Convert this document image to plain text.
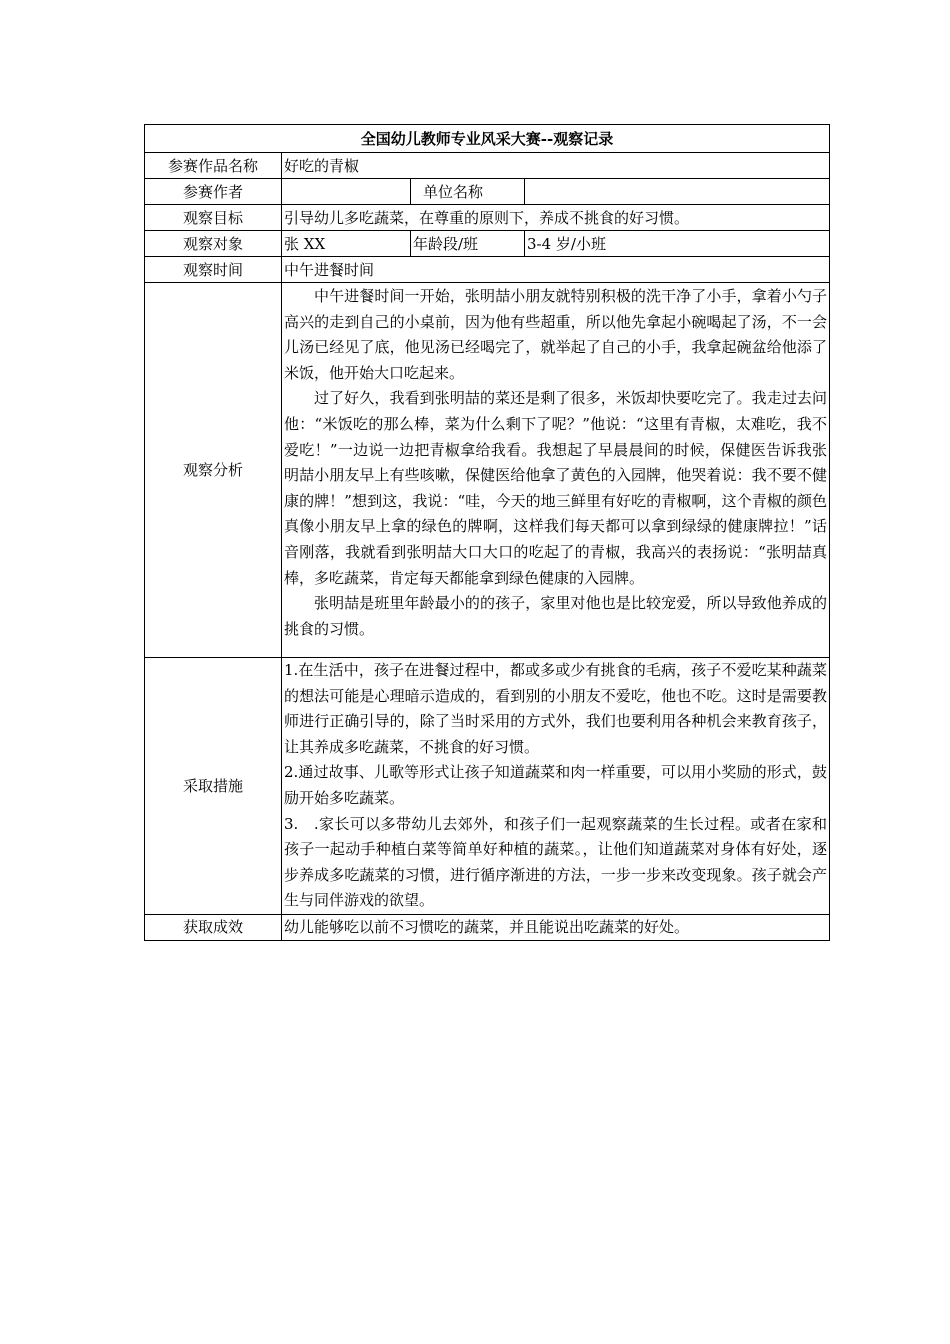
全国幼儿教师专业风采大赛--观察记录			
参赛作品名称	好吃的青椒		
参赛作者		单位名称	
观察目标	引导幼儿多吃蔬菜，在尊重的原则下，养成不挑食的好习惯。		
观察对象	张 XX	年龄段/班	3-4 岁/小班
观察时间	中午进餐时间		
观察分析	中午进餐时间一开始，张明喆小朋友就特别积极的洗干净了小手，拿着小勺子高兴的走到自己的小桌前，因为他有些超重，所以他先拿起小碗喝起了汤，不一会儿汤已经见了底，他见汤已经喝完了，就举起了自己的小手，我拿起碗盆给他添了米饭，他开始大口吃起来。

过了好久，我看到张明喆的菜还是剩了很多，米饭却快要吃完了。我走过去问他：“米饭吃的那么棒，菜为什么剩下了呢？”他说：“这里有青椒，太难吃，我不爱吃！”一边说一边把青椒拿给我看。我想起了早晨晨间的时候，保健医告诉我张明喆小朋友早上有些咳嗽，保健医给他拿了黄色的入园牌，他哭着说：我不要不健康的牌！”想到这，我说：“哇，今天的地三鲜里有好吃的青椒啊，这个青椒的颜色真像小朋友早上拿的绿色的牌啊，这样我们每天都可以拿到绿绿的健康牌拉！”话音刚落，我就看到张明喆大口大口的吃起了的青椒，我高兴的表扬说：“张明喆真棒，多吃蔬菜，肯定每天都能拿到绿色健康的入园牌。

张明喆是班里年龄最小的的孩子，家里对他也是比较宠爱，所以导致他养成的挑食的习惯。		

采取措施	1.在生活中，孩子在进餐过程中，都或多或少有挑食的毛病，孩子不爱吃某种蔬菜的想法可能是心理暗示造成的，看到别的小朋友不爱吃，他也不吃。这时是需要教师进行正确引导的，除了当时采用的方式外，我们也要利用各种机会来教育孩子，让其养成多吃蔬菜，不挑食的好习惯。

2.通过故事、儿歌等形式让孩子知道蔬菜和肉一样重要，可以用小奖励的形式，鼓励开始多吃蔬菜。

3.   .家长可以多带幼儿去郊外，和孩子们一起观察蔬菜的生长过程。或者在家和孩子一起动手种植白菜等简单好种植的蔬菜。，让他们知道蔬菜对身体有好处，逐步养成多吃蔬菜的习惯，进行循序渐进的方法，一步一步来改变现象。孩子就会产生与同伴游戏的欲望。		

获取成效	幼儿能够吃以前不习惯吃的蔬菜，并且能说出吃蔬菜的好处。		
